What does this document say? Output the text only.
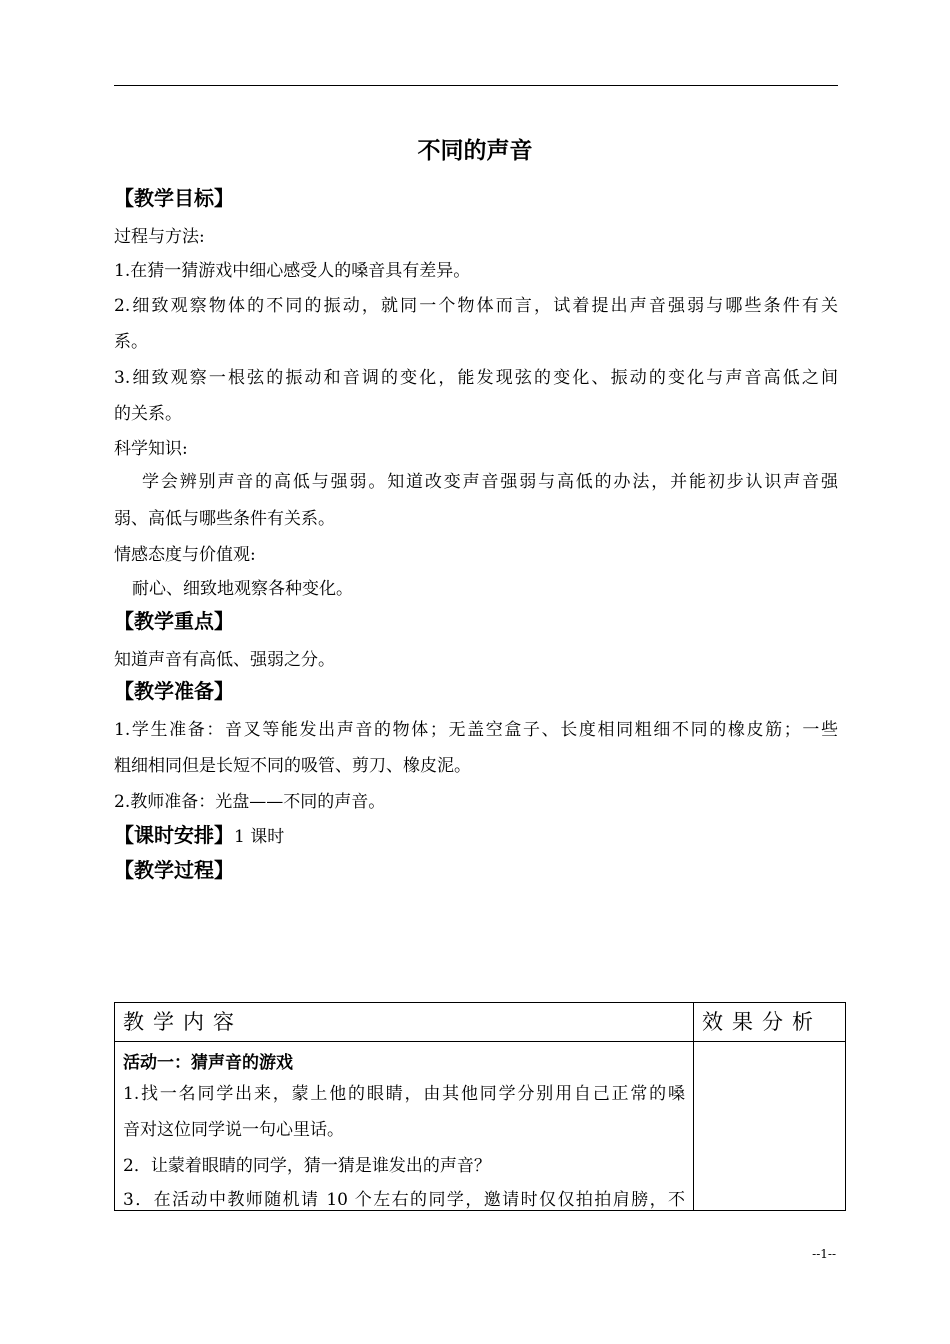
不同的声音
【教学目标】
过程与方法:
1.在猜一猜游戏中细心感受人的嗓音具有差异。
2.细致观察物体的不同的振动，就同一个物体而言，试着提出声音强弱与哪些条件有关
系。
3.细致观察一根弦的振动和音调的变化，能发现弦的变化、振动的变化与声音高低之间
的关系。
科学知识:
学会辨别声音的高低与强弱。知道改变声音强弱与高低的办法，并能初步认识声音强
弱、高低与哪些条件有关系。
情感态度与价值观:
耐心、细致地观察各种变化。
【教学重点】
知道声音有高低、强弱之分。
【教学准备】
1.学生准备：音叉等能发出声音的物体；无盖空盒子、长度相同粗细不同的橡皮筋；一些
粗细相同但是长短不同的吸管、剪刀、橡皮泥。
2.教师准备：光盘——不同的声音。
【课时安排】1 课时
【教学过程】
教学内容	效果分析

活动一：猜声音的游戏
1.找一名同学出来，蒙上他的眼睛，由其他同学分别用自己正常的嗓
音对这位同学说一句心里话。
2．让蒙着眼睛的同学，猜一猜是谁发出的声音？
3．在活动中教师随机请 10 个左右的同学，邀请时仅仅拍拍肩膀，不	

--1--
